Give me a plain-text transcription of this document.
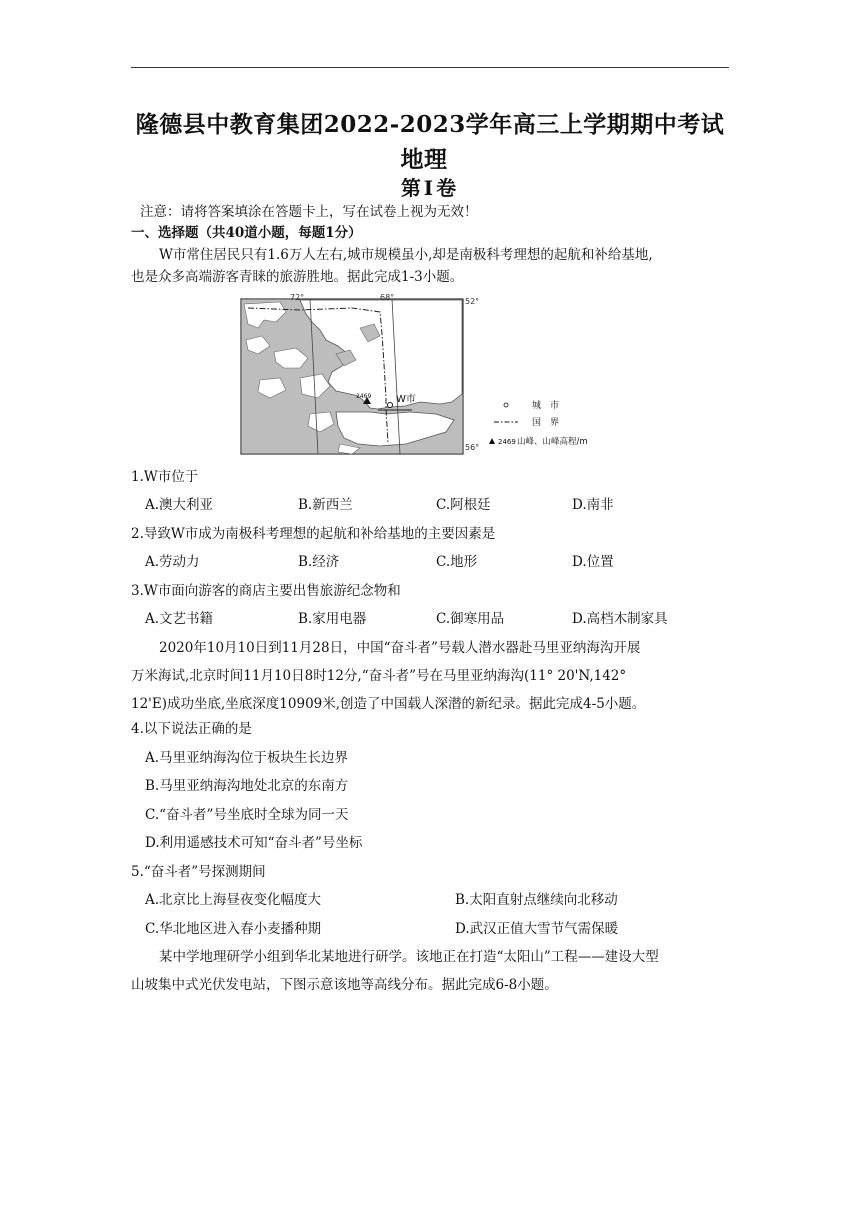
隆德县中教育集团2022-2023学年高三上学期期中考试
地理
第Ⅰ卷
注意：请将答案填涂在答题卡上，写在试卷上视为无效！
一、选择题（共40道小题，每题1分）
W市常住居民只有1.6万人左右,城市规模虽小,却是南极科考理想的起航和补给基地,
也是众多高端游客青睐的旅游胜地。据此完成1-3小题。
W市
2469
72°	68°	52°
56°
城　市
国　界
2469 山峰、山峰高程/m
1.W市位于
A.澳大利亚	B.新西兰	C.阿根廷	D.南非
2.导致W市成为南极科考理想的起航和补给基地的主要因素是
A.劳动力	B.经济	C.地形	D.位置
3.W市面向游客的商店主要出售旅游纪念物和
A.文艺书籍	B.家用电器	C.御寒用品	D.高档木制家具
2020年10月10日到11月28日，中国“奋斗者”号载人潜水器赴马里亚纳海沟开展
万米海试,北京时间11月10日8时12分,“奋斗者”号在马里亚纳海沟(11° 20'N,142°
12'E)成功坐底,坐底深度10909米,创造了中国载人深潜的新纪录。据此完成4-5小题。
4.以下说法正确的是
A.马里亚纳海沟位于板块生长边界
B.马里亚纳海沟地处北京的东南方
C.“奋斗者”号坐底时全球为同一天
D.利用遥感技术可知“奋斗者”号坐标
5.“奋斗者”号探测期间
A.北京比上海昼夜变化幅度大	B.太阳直射点继续向北移动
C.华北地区进入春小麦播种期	D.武汉正值大雪节气需保暖
某中学地理研学小组到华北某地进行研学。该地正在打造“太阳山”工程——建设大型
山坡集中式光伏发电站，下图示意该地等高线分布。据此完成6-8小题。
